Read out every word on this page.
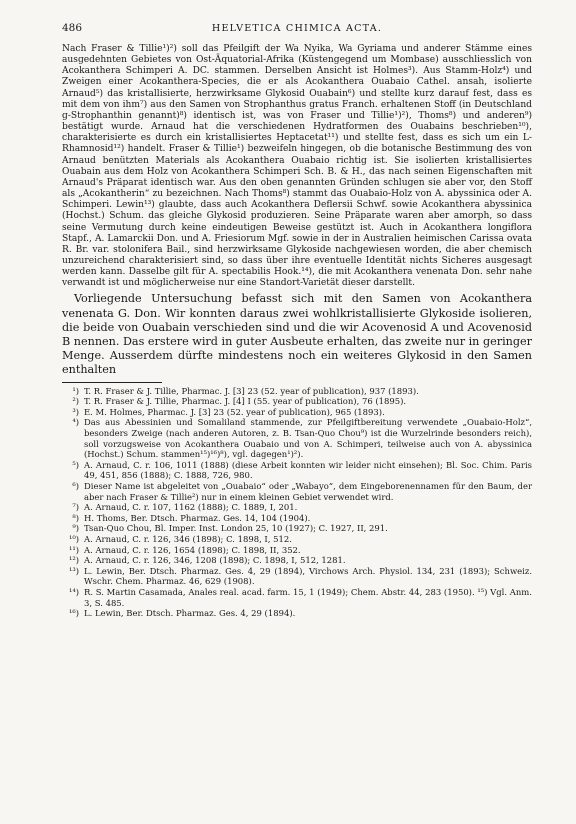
486	HELVETICA CHIMICA ACTA.

Nach Fraser & Tillie¹)²) soll das Pfeilgift der Wa Nyika, Wa Gyriama und anderer Stämme eines ausgedehnten Gebietes von Ost-Äquatorial-Afrika (Küstengegend um Mombase) ausschliesslich von Acokanthera Schimperi A. DC. stammen. Derselben Ansicht ist Holmes³). Aus Stamm-Holz⁴) und Zweigen einer Acokanthera-Species, die er als Acokanthera Ouabaio Cathel. ansah, isolierte Arnaud⁵) das kristallisierte, herzwirksame Glykosid Ouabain⁶) und stellte kurz darauf fest, dass es mit dem von ihm⁷) aus den Samen von Strophanthus gratus Franch. erhaltenen Stoff (in Deutschland g-Strophanthin genannt)⁸) identisch ist, was von Fraser und Tillie¹)²), Thoms⁸) und anderen⁹) bestätigt wurde. Arnaud hat die verschiedenen Hydratformen des Ouabains beschrieben¹⁰), charakterisierte es durch ein kristallisiertes Heptacetat¹¹) und stellte fest, dass es sich um ein L-Rhamnosid¹²) handelt. Fraser & Tillie¹) bezweifeln hingegen, ob die botanische Bestimmung des von Arnaud benützten Materials als Acokanthera Ouabaio richtig ist. Sie isolierten kristallisiertes Ouabain aus dem Holz von Acokanthera Schimperi Sch. B. & H., das nach seinen Eigenschaften mit Arnaud's Präparat identisch war. Aus den oben genannten Gründen schlugen sie aber vor, den Stoff als „Acokantherin“ zu bezeichnen. Nach Thoms⁸) stammt das Ouabaio-Holz von A. abyssinica oder A. Schimperi. Lewin¹³) glaubte, dass auch Acokanthera Deflersii Schwf. sowie Acokanthera abyssinica (Hochst.) Schum. das gleiche Glykosid produzieren. Seine Präparate waren aber amorph, so dass seine Vermutung durch keine eindeutigen Beweise gestützt ist. Auch in Acokanthera longiflora Stapf., A. Lamarckii Don. und A. Friesiorum Mgf. sowie in der in Australien heimischen Carissa ovata R. Br. var. stolonifera Bail., sind herzwirksame Glykoside nachgewiesen worden, die aber chemisch unzureichend charakterisiert sind, so dass über ihre eventuelle Identität nichts Sicheres ausgesagt werden kann. Dasselbe gilt für A. spectabilis Hook.¹⁴), die mit Acokanthera venenata Don. sehr nahe verwandt ist und möglicherweise nur eine Standort-Varietät dieser darstellt.

Vorliegende Untersuchung befasst sich mit den Samen von Acokanthera venenata G. Don. Wir konnten daraus zwei wohlkristallisierte Glykoside isolieren, die beide von Ouabain verschieden sind und die wir Acovenosid A und Acovenosid B nennen. Das erstere wird in guter Ausbeute erhalten, das zweite nur in geringer Menge. Ausserdem dürfte mindestens noch ein weiteres Glykosid in den Samen enthalten

¹) T. R. Fraser & J. Tillie, Pharmac. J. [3] 23 (52. year of publication), 937 (1893).
²) T. R. Fraser & J. Tillie, Pharmac. J. [4] I (55. year of publication), 76 (1895).
³) E. M. Holmes, Pharmac. J. [3] 23 (52. year of publication), 965 (1893).
⁴) Das aus Abessinien und Somaliland stammende, zur Pfeilgiftbereitung verwendete „Ouabaio-Holz“, besonders Zweige (nach anderen Autoren, z. B. Tsan-Quo Chou⁹) ist die Wurzelrinde besonders reich), soll vorzugsweise von Acokanthera Ouabaio und von A. Schimperi, teilweise auch von A. abyssinica (Hochst.) Schum. stammen¹⁵)¹⁶)⁸), vgl. dagegen¹)²).
⁵) A. Arnaud, C. r. 106, 1011 (1888) (diese Arbeit konnten wir leider nicht einsehen); Bl. Soc. Chim. Paris 49, 451, 856 (1888); C. 1888, 726, 980.
⁶) Dieser Name ist abgeleitet von „Ouabaio“ oder „Wabayo“, dem Eingeborenennamen für den Baum, der aber nach Fraser & Tillie²) nur in einem kleinen Gebiet verwendet wird.
⁷) A. Arnaud, C. r. 107, 1162 (1888); C. 1889, I, 201.
⁸) H. Thoms, Ber. Dtsch. Pharmaz. Ges. 14, 104 (1904).
⁹) Tsan-Quo Chou, Bl. Imper. Inst. London 25, 10 (1927); C. 1927, II, 291.
¹⁰) A. Arnaud, C. r. 126, 346 (1898); C. 1898, I, 512.
¹¹) A. Arnaud, C. r. 126, 1654 (1898); C. 1898, II, 352.
¹²) A. Arnaud, C. r. 126, 346, 1208 (1898); C. 1898, I, 512, 1281.
¹³) L. Lewin, Ber. Dtsch. Pharmaz. Ges. 4, 29 (1894), Virchows Arch. Physiol. 134, 231 (1893); Schweiz. Wschr. Chem. Pharmaz. 46, 629 (1908).
¹⁴) R. S. Martin Casamada, Anales real. acad. farm. 15, 1 (1949); Chem. Abstr. 44, 283 (1950). ¹⁵) Vgl. Anm. 3, S. 485.
¹⁶) L. Lewin, Ber. Dtsch. Pharmaz. Ges. 4, 29 (1894).
